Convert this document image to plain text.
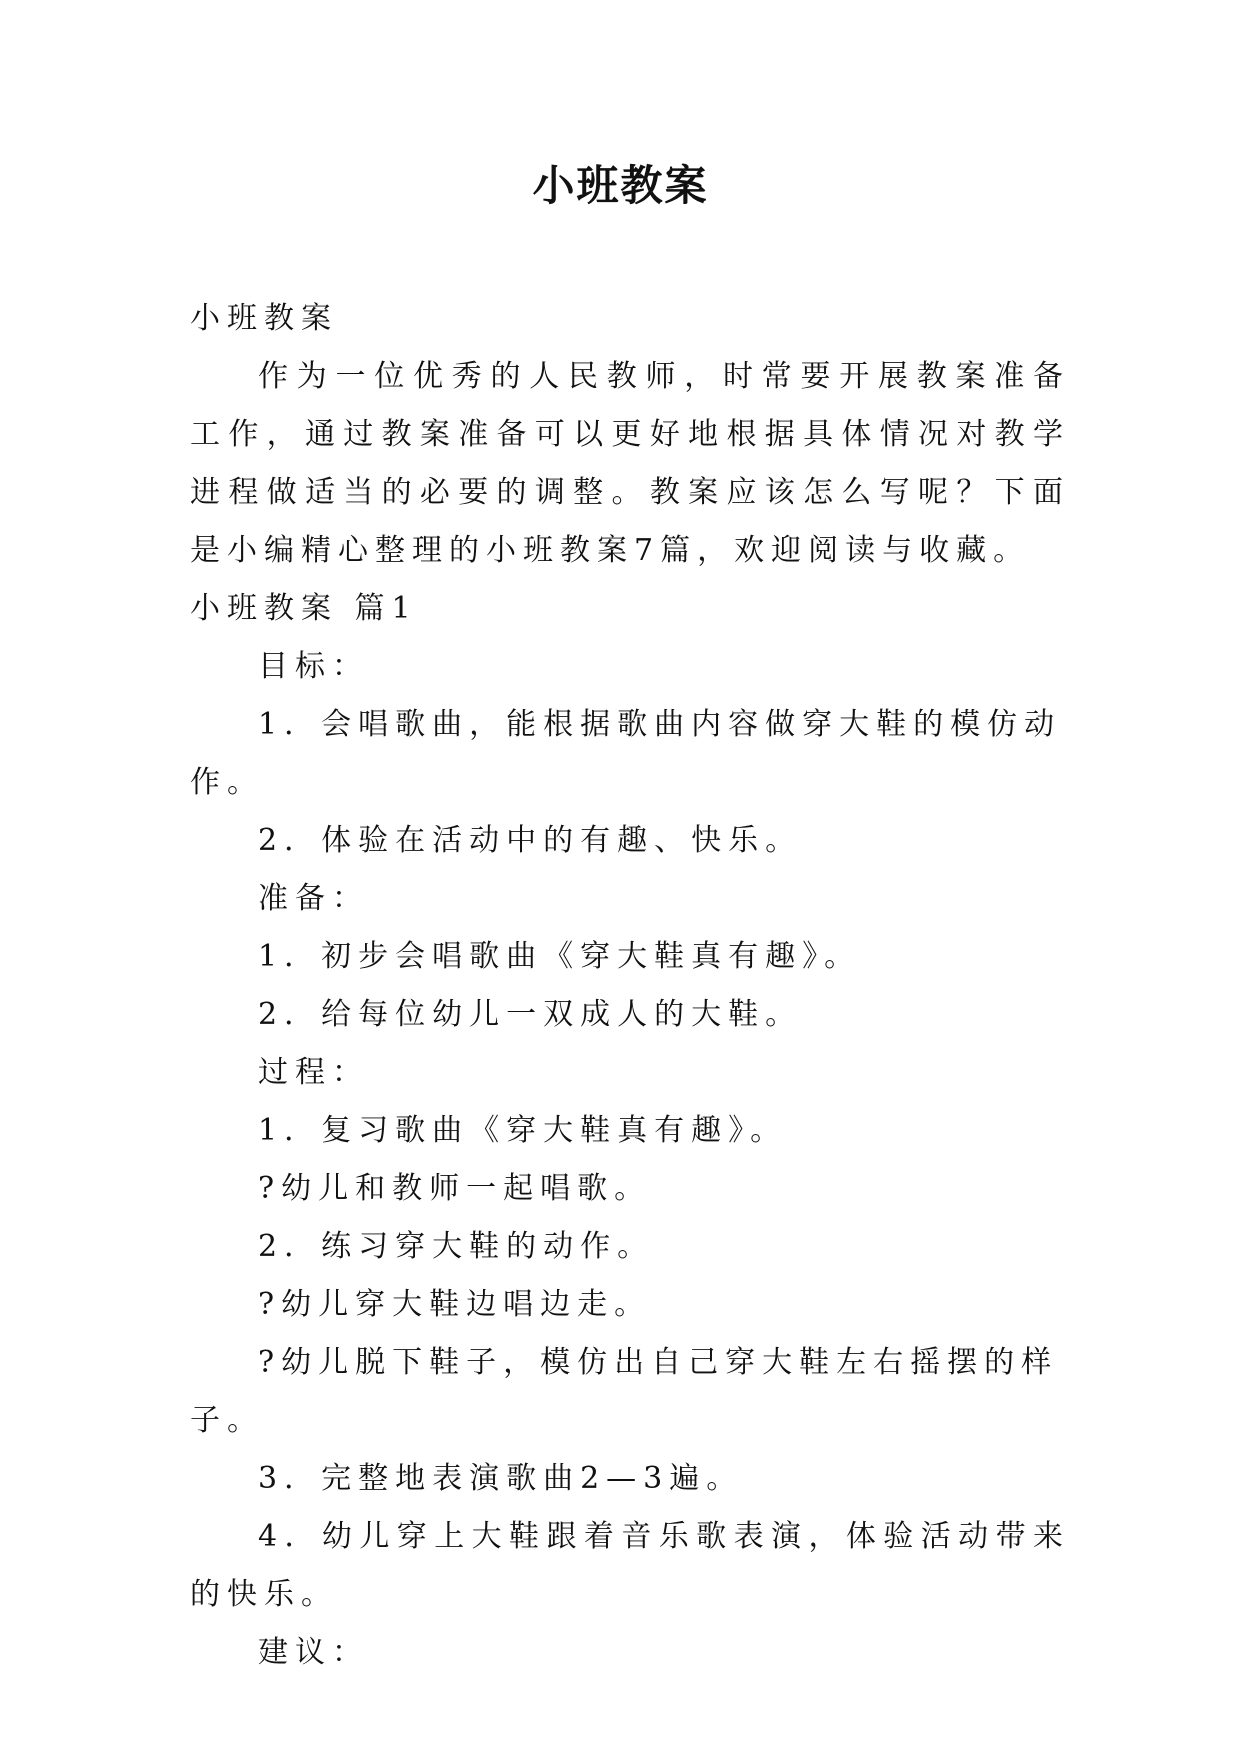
小班教案

小班教案

作为一位优秀的人民教师，时常要开展教案准备工作，通过教案准备可以更好地根据具体情况对教学进程做适当的必要的调整。教案应该怎么写呢？下面是小编精心整理的小班教案7篇，欢迎阅读与收藏。

小班教案 篇1

目标：

1．会唱歌曲，能根据歌曲内容做穿大鞋的模仿动作。

2．体验在活动中的有趣、快乐。

准备：

1．初步会唱歌曲《穿大鞋真有趣》。

2．给每位幼儿一双成人的大鞋。

过程：

1．复习歌曲《穿大鞋真有趣》。

?幼儿和教师一起唱歌。

2．练习穿大鞋的动作。

?幼儿穿大鞋边唱边走。

?幼儿脱下鞋子，模仿出自己穿大鞋左右摇摆的样子。

3．完整地表演歌曲2—3遍。

4．幼儿穿上大鞋跟着音乐歌表演，体验活动带来的快乐。

建议：
